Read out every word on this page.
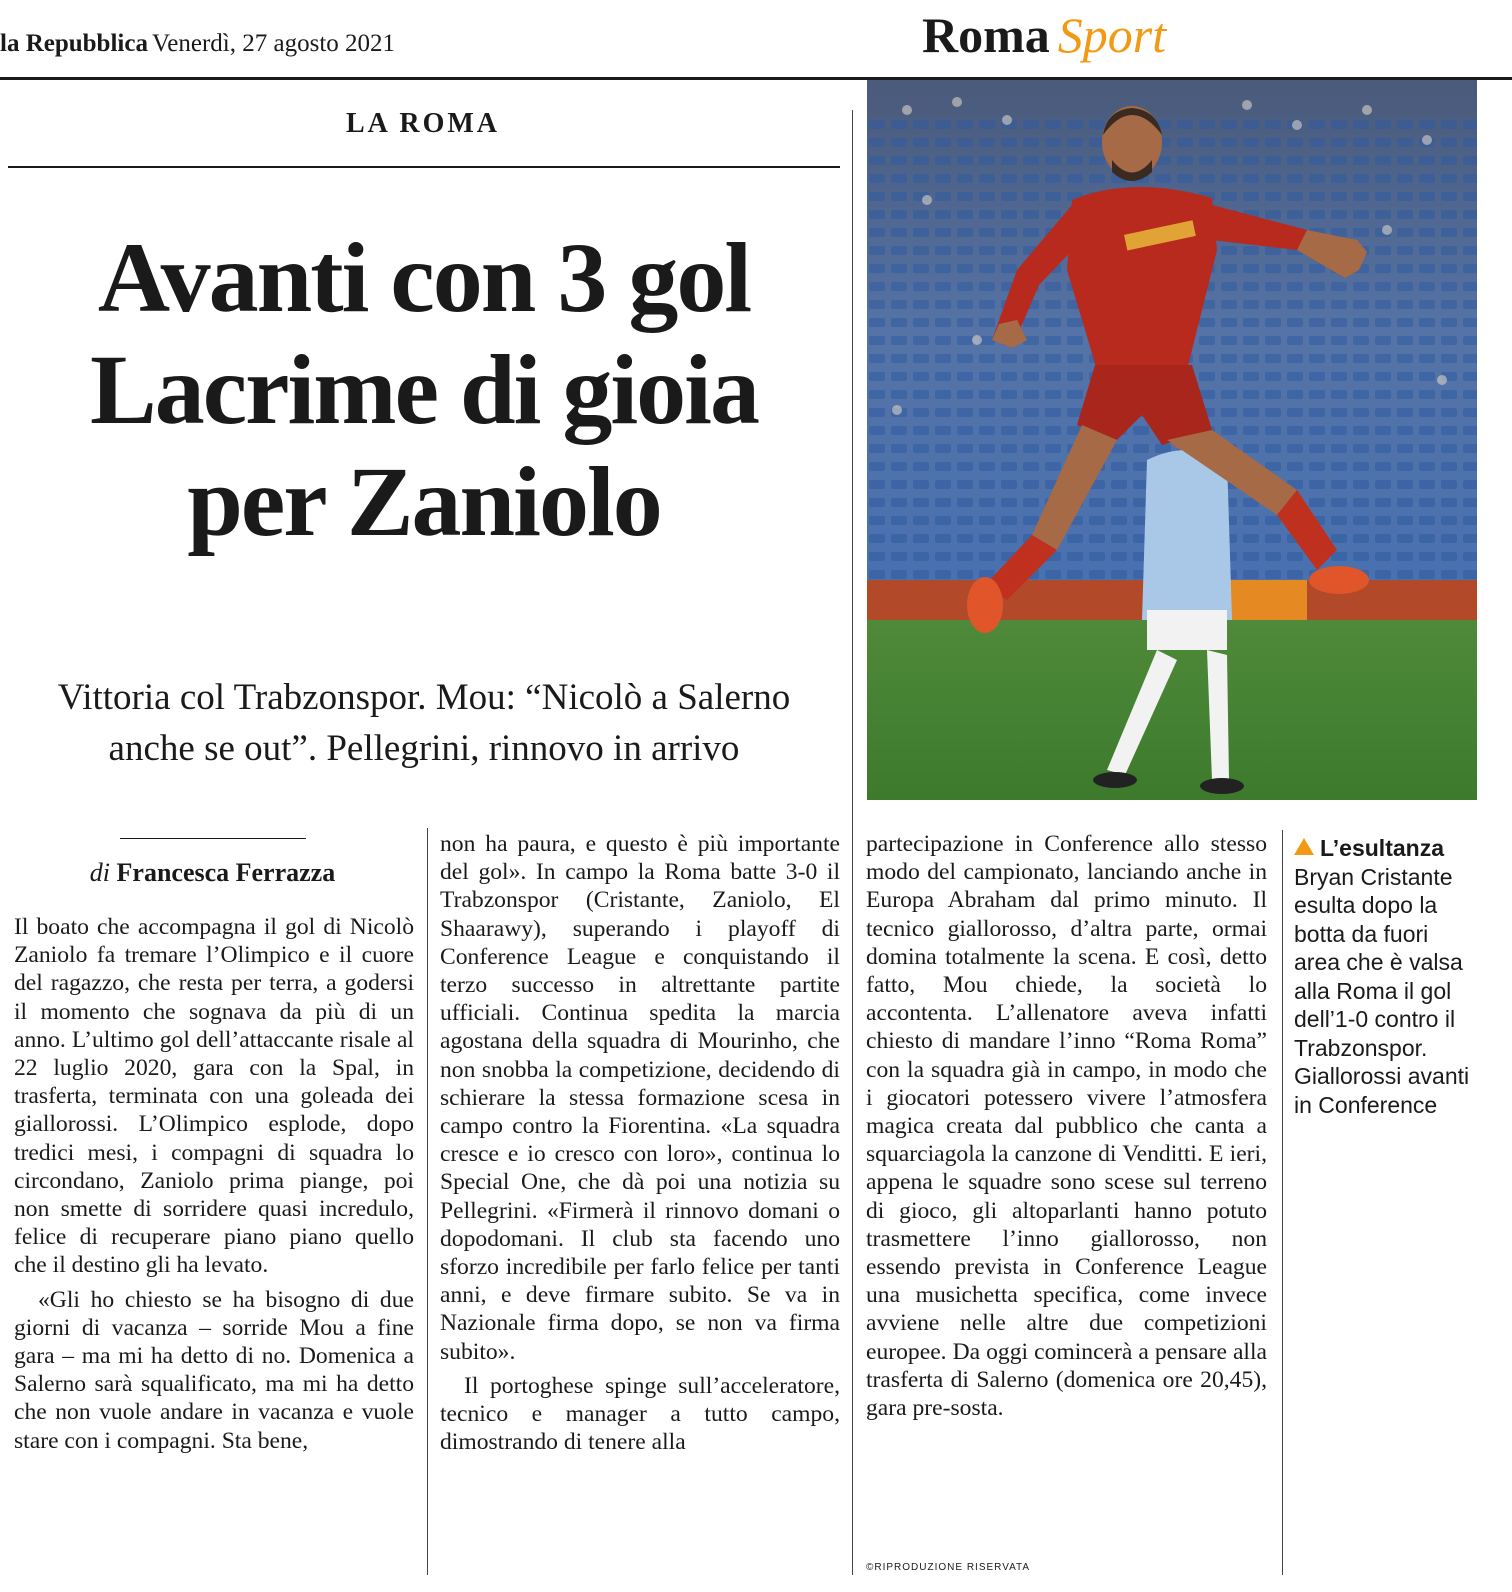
la Repubblica Venerdì, 27 agosto 2021	Roma Sport
LA ROMA
Avanti con 3 gol
Lacrime di gioia
per Zaniolo
Vittoria col Trabzonspor. Mou: “Nicolò a Salerno
anche se out”. Pellegrini, rinnovo in arrivo
di Francesca Ferrazza

Il boato che accompagna il gol di Nicolò Zaniolo fa tremare l’Olimpico e il cuore del ragazzo, che resta per terra, a godersi il momento che sognava da più di un anno. L’ultimo gol dell’attaccante risale al 22 luglio 2020, gara con la Spal, in trasferta, terminata con una goleada dei giallorossi. L’Olimpico esplode, dopo tredici mesi, i compagni di squadra lo circondano, Zaniolo prima piange, poi non smette di sorridere quasi incredulo, felice di recuperare piano piano quello che il destino gli ha levato.

«Gli ho chiesto se ha bisogno di due giorni di vacanza – sorride Mou a fine gara – ma mi ha detto di no. Domenica a Salerno sarà squalificato, ma mi ha detto che non vuole andare in vacanza e vuole stare con i compagni. Sta bene,

non ha paura, e questo è più importante del gol». In campo la Roma batte 3-0 il Trabzonspor (Cristante, Zaniolo, El Shaarawy), superando i playoff di Conference League e conquistando il terzo successo in altrettante partite ufficiali. Continua spedita la marcia agostana della squadra di Mourinho, che non snobba la competizione, decidendo di schierare la stessa formazione scesa in campo contro la Fiorentina. «La squadra cresce e io cresco con loro», continua lo Special One, che dà poi una notizia su Pellegrini. «Firmerà il rinnovo domani o dopodomani. Il club sta facendo uno sforzo incredibile per farlo felice per tanti anni, e deve firmare subito. Se va in Nazionale firma dopo, se non va firma subito».

Il portoghese spinge sull’acceleratore, tecnico e manager a tutto campo, dimostrando di tenere alla

partecipazione in Conference allo stesso modo del campionato, lanciando anche in Europa Abraham dal primo minuto. Il tecnico giallorosso, d’altra parte, ormai domina totalmente la scena. E così, detto fatto, Mou chiede, la società lo accontenta. L’allenatore aveva infatti chiesto di mandare l’inno “Roma Roma” con la squadra già in campo, in modo che i giocatori potessero vivere l’atmosfera magica creata dal pubblico che canta a squarciagola la canzone di Venditti. E ieri, appena le squadre sono scese sul terreno di gioco, gli altoparlanti hanno potuto trasmettere l’inno giallorosso, non essendo prevista in Conference League una musichetta specifica, come invece avviene nelle altre due competizioni europee. Da oggi comincerà a pensare alla trasferta di Salerno (domenica ore 20,45), gara pre-sosta.

©RIPRODUZIONE RISERVATA
L’esultanza
Bryan Cristante
esulta dopo la
botta da fuori
area che è valsa
alla Roma il gol
dell’1-0 contro il
Trabzonspor.
Giallorossi avanti
in Conference
